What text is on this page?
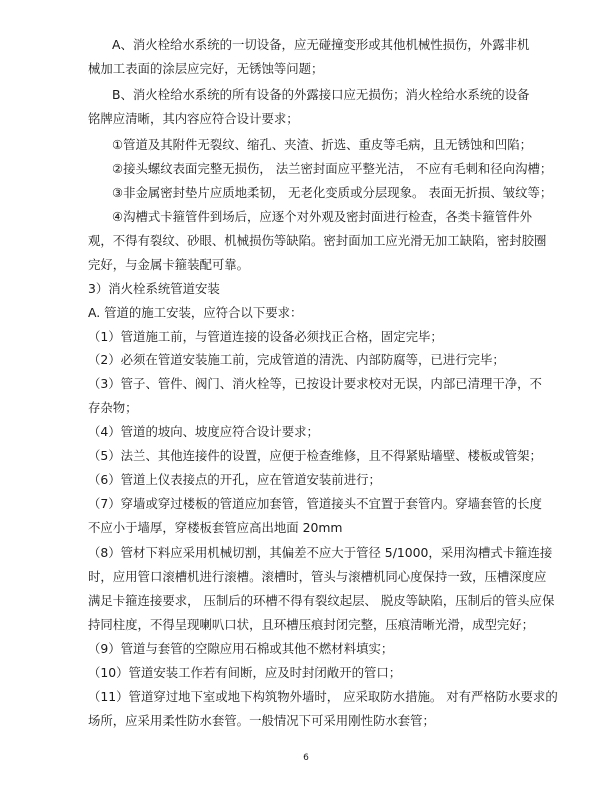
A、消火栓给水系统的一切设备，应无碰撞变形或其他机械性损伤，外露非机
械加工表面的涂层应完好，无锈蚀等问题；
B、消火栓给水系统的所有设备的外露接口应无损伤；消火栓给水系统的设备
铭牌应清晰，其内容应符合设计要求；
①管道及其附件无裂纹、缩孔、夹渣、折选、重皮等毛病，且无锈蚀和凹陷；
②接头螺纹表面完整无损伤， 法兰密封面应平整光洁， 不应有毛刺和径向沟槽；
③非金属密封垫片应质地柔韧， 无老化变质或分层现象。 表面无折损、皱纹等；
④沟槽式卡箍管件到场后，应逐个对外观及密封面进行检查，各类卡箍管件外
观，不得有裂纹、砂眼、机械损伤等缺陷。密封面加工应光滑无加工缺陷，密封胶圈
完好，与金属卡箍装配可靠。
3）消火栓系统管道安装
A. 管道的施工安装，应符合以下要求：
（1）管道施工前，与管道连接的设备必须找正合格，固定完毕；
（2）必须在管道安装施工前，完成管道的清洗、内部防腐等，已进行完毕；
（3）管子、管件、阀门、消火栓等，已按设计要求校对无误，内部已清理干净，不
存杂物；
（4）管道的坡向、坡度应符合设计要求；
（5）法兰、其他连接件的设置，应便于检查维修，且不得紧贴墙壁、楼板或管架；
（6）管道上仪表接点的开孔，应在管道安装前进行；
（7）穿墙或穿过楼板的管道应加套管，管道接头不宜置于套管内。穿墙套管的长度
不应小于墙厚，穿楼板套管应高出地面 20mm
（8）管材下料应采用机械切割，其偏差不应大于管径 5/1000，采用沟槽式卡箍连接
时，应用管口滚槽机进行滚槽。滚槽时，管头与滚槽机同心度保持一致，压槽深度应
满足卡箍连接要求， 压制后的环槽不得有裂纹起层、 脱皮等缺陷，压制后的管头应保
持同柱度，不得呈现喇叭口状，且环槽压痕封闭完整，压痕清晰光滑，成型完好；
（9）管道与套管的空隙应用石棉或其他不燃材料填实；
（10）管道安装工作若有间断，应及时封闭敞开的管口；
（11）管道穿过地下室或地下构筑物外墙时， 应采取防水措施。 对有严格防水要求的
场所，应采用柔性防水套管。一般情况下可采用刚性防水套管；
6
